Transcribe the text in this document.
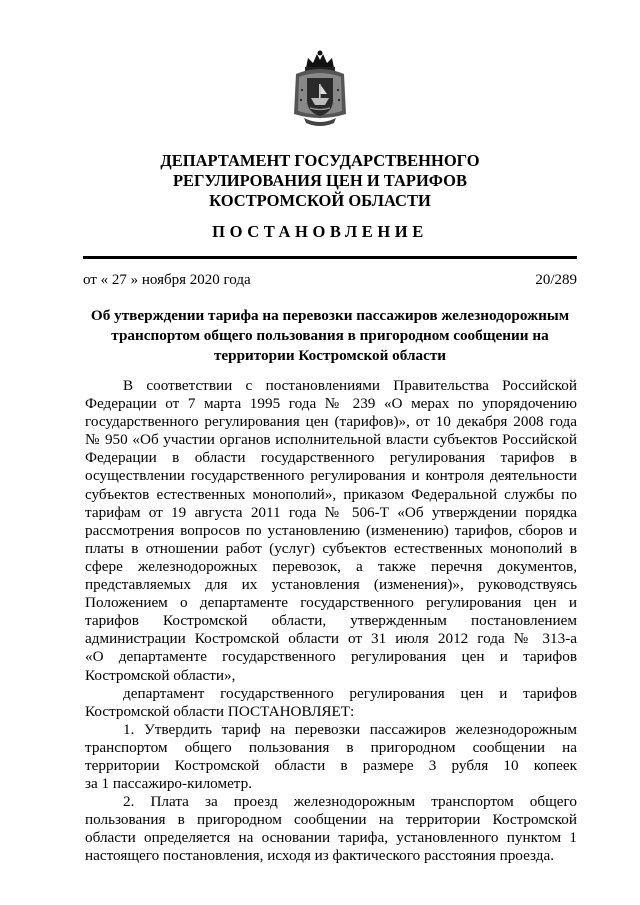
ДЕПАРТАМЕНТ ГОСУДАРСТВЕННОГО
РЕГУЛИРОВАНИЯ ЦЕН И ТАРИФОВ
КОСТРОМСКОЙ ОБЛАСТИ
ПОСТАНОВЛЕНИЕ
от « 27 » ноября 2020 года	20/289
Об утверждении тарифа на перевозки пассажиров железнодорожным
транспортом общего пользования в пригородном сообщении на
территории Костромской области
В соответствии с постановлениями Правительства Российской
Федерации от 7 марта 1995 года № 239 «О мерах по упорядочению
государственного регулирования цен (тарифов)», от 10 декабря 2008 года
№ 950 «Об участии органов исполнительной власти субъектов Российской
Федерации в области государственного регулирования тарифов в
осуществлении государственного регулирования и контроля деятельности
субъектов естественных монополий», приказом Федеральной службы по
тарифам от 19 августа 2011 года № 506-Т «Об утверждении порядка
рассмотрения вопросов по установлению (изменению) тарифов, сборов и
платы в отношении работ (услуг) субъектов естественных монополий в
сфере железнодорожных перевозок, а также перечня документов,
представляемых для их установления (изменения)», руководствуясь
Положением о департаменте государственного регулирования цен и
тарифов Костромской области, утвержденным постановлением
администрации Костромской области от 31 июля 2012 года № 313-а
«О департаменте государственного регулирования цен и тарифов
Костромской области»,
департамент государственного регулирования цен и тарифов
Костромской области ПОСТАНОВЛЯЕТ:
1. Утвердить тариф на перевозки пассажиров железнодорожным
транспортом общего пользования в пригородном сообщении на
территории Костромской области в размере 3 рубля 10 копеек
за 1 пассажиро-километр.
2. Плата за проезд железнодорожным транспортом общего
пользования в пригородном сообщении на территории Костромской
области определяется на основании тарифа, установленного пунктом 1
настоящего постановления, исходя из фактического расстояния проезда.
